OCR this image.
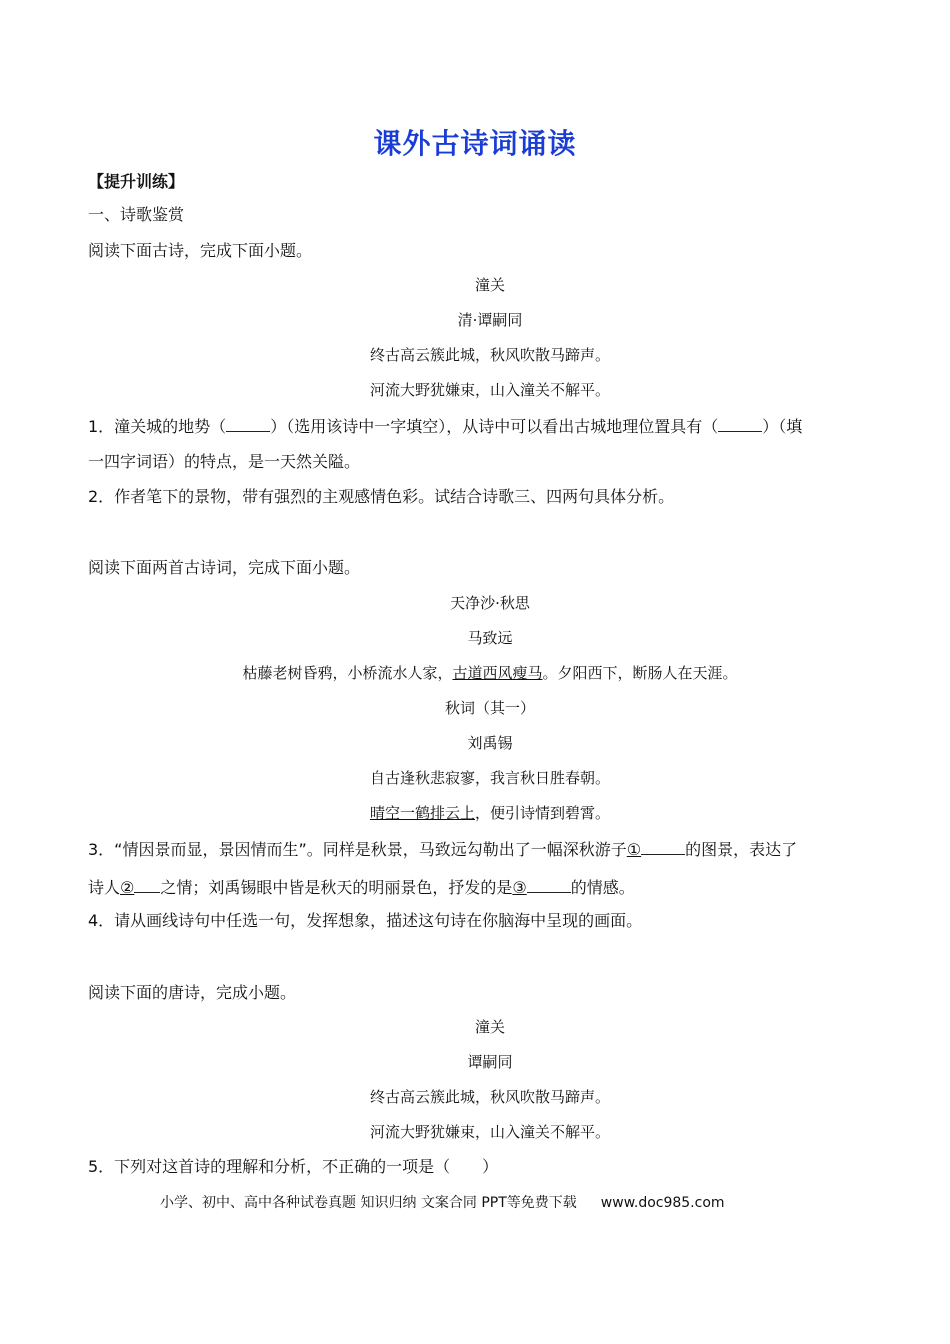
课外古诗词诵读
【提升训练】
一、诗歌鉴赏
阅读下面古诗，完成下面小题。
潼关
清·谭嗣同
终古高云簇此城，秋风吹散马蹄声。
河流大野犹嫌束，山入潼关不解平。
1．潼关城的地势（	）（选用该诗中一字填空），从诗中可以看出古城地理位置具有（	）（填
一四字词语）的特点，是一天然关隘。
2．作者笔下的景物，带有强烈的主观感情色彩。试结合诗歌三、四两句具体分析。
阅读下面两首古诗词，完成下面小题。
天净沙·秋思
马致远
枯藤老树昏鸦，小桥流水人家，古道西风瘦马。夕阳西下，断肠人在天涯。
秋词（其一）
刘禹锡
自古逢秋悲寂寥，我言秋日胜春朝。
晴空一鹤排云上，便引诗情到碧霄。
3．“情因景而显，景因情而生”。同样是秋景，马致远勾勒出了一幅深秋游子①	的图景，表达了
诗人② 之情；刘禹锡眼中皆是秋天的明丽景色，抒发的是③	的情感。
4．请从画线诗句中任选一句，发挥想象，描述这句诗在你脑海中呈现的画面。
阅读下面的唐诗，完成小题。
潼关
谭嗣同
终古高云簇此城，秋风吹散马蹄声。
河流大野犹嫌束，山入潼关不解平。
5．下列对这首诗的理解和分析，不正确的一项是（　　）
小学、初中、高中各种试卷真题 知识归纳 文案合同 PPT等免费下载 www.doc985.com
